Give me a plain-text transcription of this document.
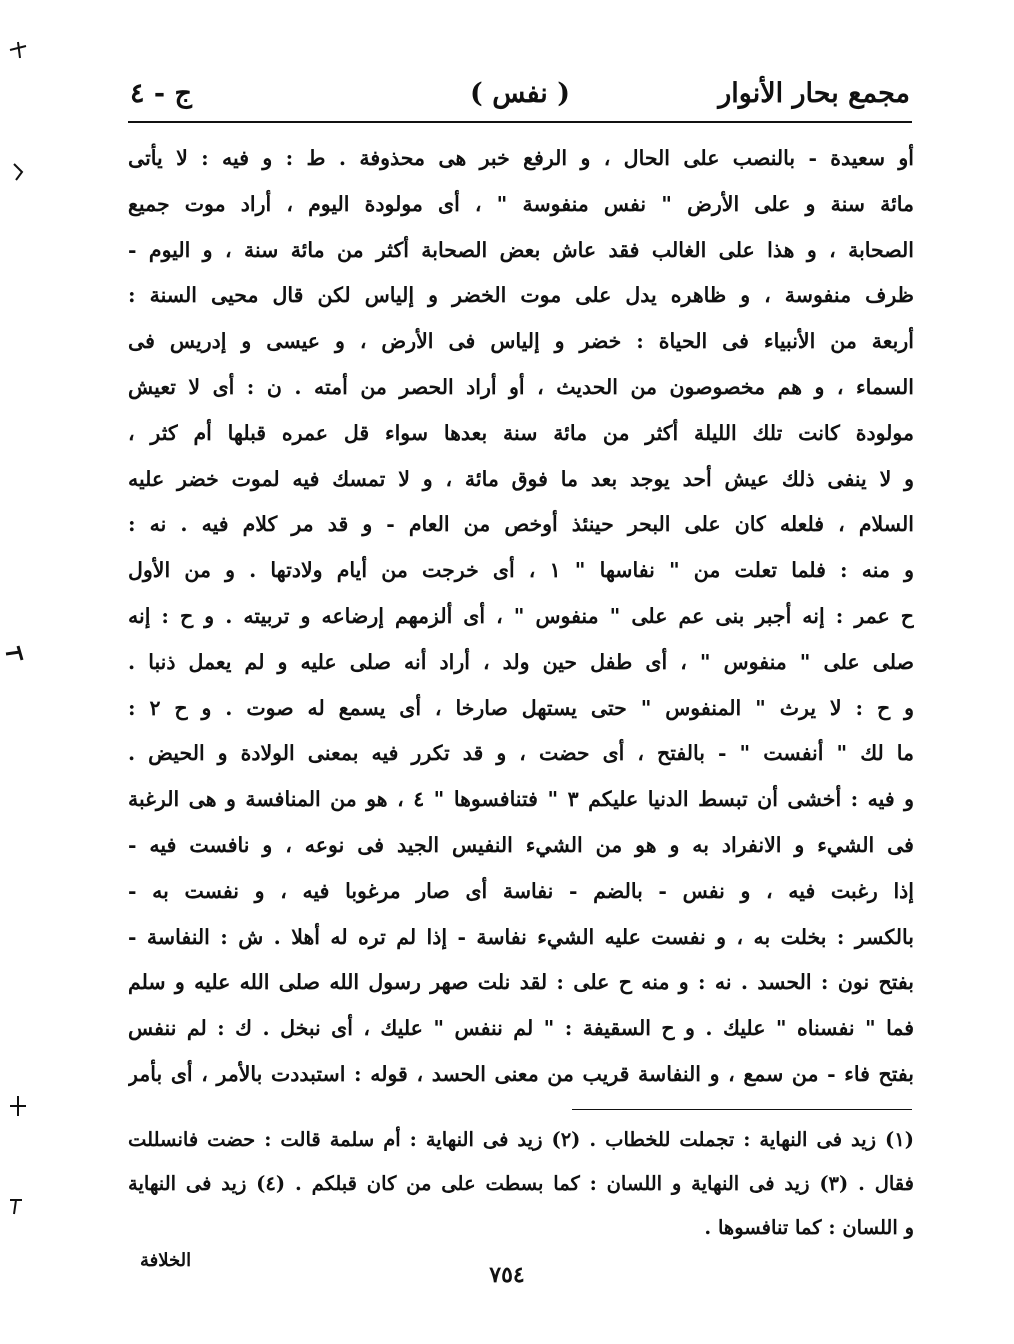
مجمع بحار الأنوار
( نفس )
ج - ٤
أو سعيدة - بالنصب على الحال ، و الرفع خبر هى محذوفة . ط : و فيه : لا يأتى
مائة سنة و على الأرض " نفس منفوسة " ، أى مولودة اليوم ، أراد موت جميع
الصحابة ، و هذا على الغالب فقد عاش بعض الصحابة أكثر من مائة سنة ، و اليوم -
ظرف منفوسة ، و ظاهره يدل على موت الخضر و إلياس لكن قال محيى السنة :
أربعة من الأنبياء فى الحياة : خضر و إلياس فى الأرض ، و عيسى و إدريس فى
السماء ، و هم مخصوصون من الحديث ، أو أراد الحصر من أمته . ن : أى لا تعيش
مولودة كانت تلك الليلة أكثر من مائة سنة بعدها سواء قل عمره قبلها أم كثر ،
و لا ينفى ذلك عيش أحد يوجد بعد ما فوق مائة ، و لا تمسك فيه لموت خضر عليه
السلام ، فلعله كان على البحر حينئذ أوخص من العام - و قد مر كلام فيه . نه :
و منه : فلما تعلت من " نفاسها " ١ ، أى خرجت من أيام ولادتها . و من الأول
ح عمر : إنه أجبر بنى عم على " منفوس " ، أى ألزمهم إرضاعه و تربيته . و ح : إنه
صلى على " منفوس " ، أى طفل حين ولد ، أراد أنه صلى عليه و لم يعمل ذنبا .
و ح : لا يرث " المنفوس " حتى يستهل صارخا ، أى يسمع له صوت . و ح ٢ :
ما لك " أنفست " - بالفتح ، أى حضت ، و قد تكرر فيه بمعنى الولادة و الحيض .
و فيه : أخشى أن تبسط الدنيا عليكم ٣ " فتنافسوها " ٤ ، هو من المنافسة و هى الرغبة
فى الشيء و الانفراد به و هو من الشيء النفيس الجيد فى نوعه ، و نافست فيه -
إذا رغبت فيه ، و نفس - بالضم - نفاسة أى صار مرغوبا فيه ، و نفست به -
بالكسر : بخلت به ، و نفست عليه الشيء نفاسة - إذا لم تره له أهلا . ش : النفاسة -
بفتح نون : الحسد . نه : و منه ح على : لقد نلت صهر رسول الله صلى الله عليه و سلم
فما " نفسناه " عليك . و ح السقيفة : " لم ننفس " عليك ، أى نبخل . ك : لم ننفس
بفتح فاء - من سمع ، و النفاسة قريب من معنى الحسد ، قوله : استبددت بالأمر ، أى بأمر
(١) زيد فى النهاية : تجملت للخطاب . (٢) زيد فى النهاية : أم سلمة قالت : حضت فانسللت
فقال . (٣) زيد فى النهاية و اللسان : كما بسطت على من كان قبلكم . (٤) زيد فى النهاية
و اللسان : كما تنافسوها .
الخلافة
٧٥٤
